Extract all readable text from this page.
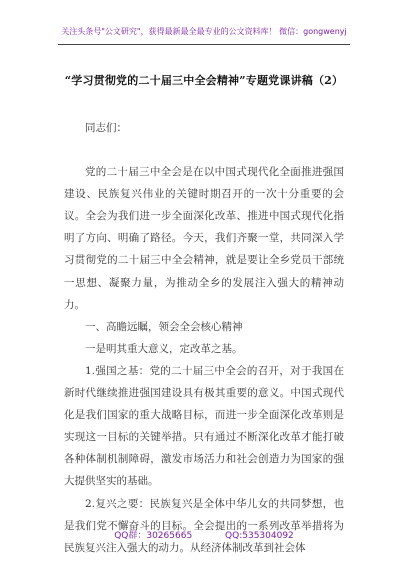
关注头条号"公文研究"，获得最新最全最专业的公文资料库！ 微信：gongwenyj
“学习贯彻党的二十届三中全会精神”专题党课讲稿（2）

同志们：

党的二十届三中全会是在以中国式现代化全面推进强国建设、民族复兴伟业的关键时期召开的一次十分重要的会议。全会为我们进一步全面深化改革、推进中国式现代化指明了方向、明确了路径。今天，我们齐聚一堂，共同深入学习贯彻党的二十届三中全会精神，就是要让全乡党员干部统一思想、凝聚力量，为推动全乡的发展注入强大的精神动力。

一、高瞻远瞩，领会全会核心精神

一是明其重大意义，定改革之基。

1.强国之基：党的二十届三中全会的召开，对于我国在新时代继续推进强国建设具有极其重要的意义。中国式现代化是我们国家的重大战略目标，而进一步全面深化改革则是实现这一目标的关键举措。只有通过不断深化改革才能打破各种体制机制障碍，激发市场活力和社会创造力为国家的强大提供坚实的基础。

2.复兴之要：民族复兴是全体中华儿女的共同梦想，也是我们党不懈奋斗的目标。全会提出的一系列改革举措将为民族复兴注入强大的动力。从经济体制改革到社会体

QQ群：30265665	QQ:535304092
